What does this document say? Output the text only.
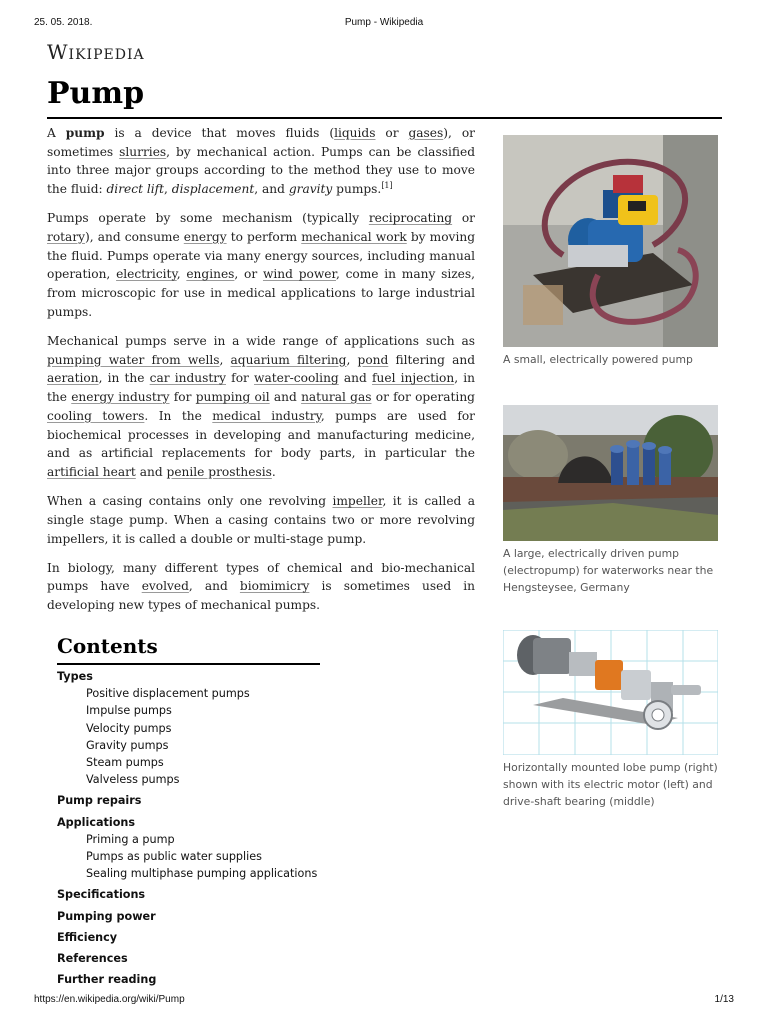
25. 05. 2018.	Pump - Wikipedia
Wikipedia
Pump

A pump is a device that moves fluids (liquids or gases), or sometimes slurries, by mechanical action. Pumps can be classified into three major groups according to the method they use to move the fluid: direct lift, displacement, and gravity pumps.[1]

Pumps operate by some mechanism (typically reciprocating or rotary), and consume energy to perform mechanical work by moving the fluid. Pumps operate via many energy sources, including manual operation, electricity, engines, or wind power, come in many sizes, from microscopic for use in medical applications to large industrial pumps.

Mechanical pumps serve in a wide range of applications such as pumping water from wells, aquarium filtering, pond filtering and aeration, in the car industry for water-cooling and fuel injection, in the energy industry for pumping oil and natural gas or for operating cooling towers. In the medical industry, pumps are used for biochemical processes in developing and manufacturing medicine, and as artificial replacements for body parts, in particular the artificial heart and penile prosthesis.

When a casing contains only one revolving impeller, it is called a single stage pump. When a casing contains two or more revolving impellers, it is called a double or multi-stage pump.

In biology, many different types of chemical and bio-mechanical pumps have evolved, and biomimicry is sometimes used in developing new types of mechanical pumps.

A small, electrically powered pump
A large, electrically driven pump (electropump) for waterworks near the Hengsteysee, Germany
Horizontally mounted lobe pump (right) shown with its electric motor (left) and drive-shaft bearing (middle)
Contents
Types
Positive displacement pumps
Impulse pumps
Velocity pumps
Gravity pumps
Steam pumps
Valveless pumps
Pump repairs
Applications
Priming a pump
Pumps as public water supplies
Sealing multiphase pumping applications
Specifications
Pumping power
Efficiency
References
Further reading
https://en.wikipedia.org/wiki/Pump	1/13
